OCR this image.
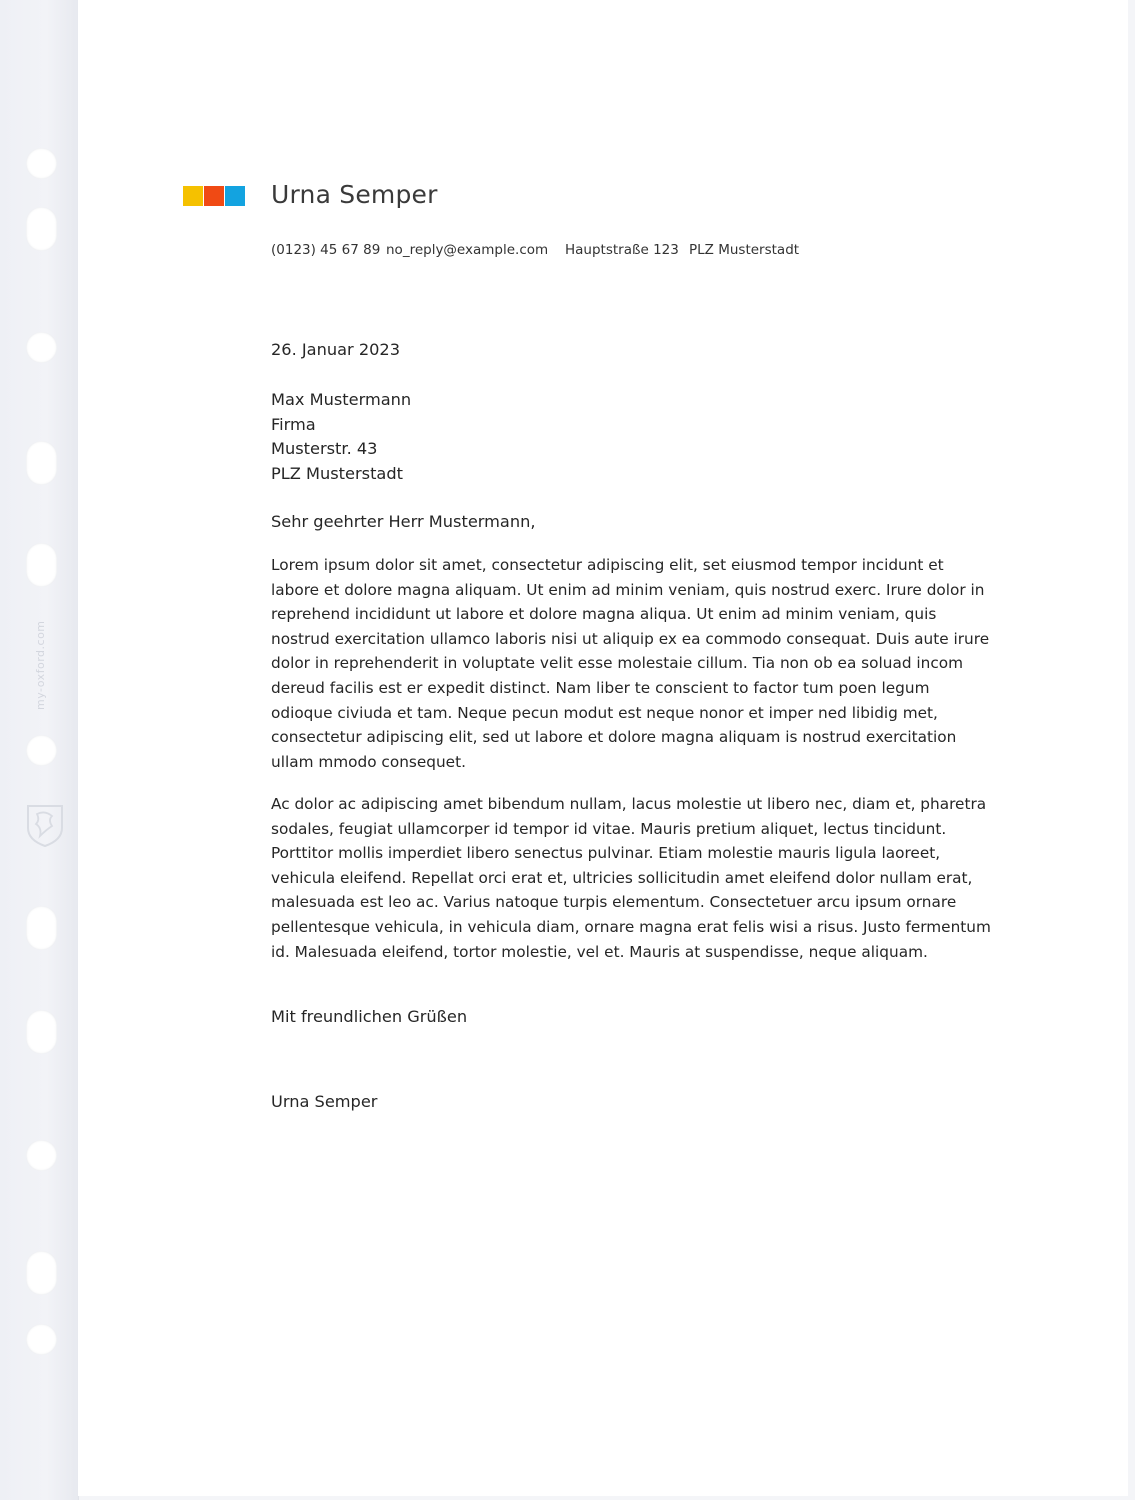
my-oxford.com
Urna Semper
(0123) 45 67 89 no_reply@example.com Hauptstraße 123 PLZ Musterstadt
26. Januar 2023
Max Mustermann
Firma
Musterstr. 43
PLZ Musterstadt
Sehr geehrter Herr Mustermann,

Lorem ipsum dolor sit amet, consectetur adipiscing elit, set eiusmod tempor incidunt et labore et dolore magna aliquam. Ut enim ad minim veniam, quis nostrud exerc. Irure dolor in reprehend incididunt ut labore et dolore magna aliqua. Ut enim ad minim veniam, quis nostrud exercitation ullamco laboris nisi ut aliquip ex ea commodo consequat. Duis aute irure dolor in reprehenderit in voluptate velit esse molestaie cillum. Tia non ob ea soluad incom dereud facilis est er expedit distinct. Nam liber te conscient to factor tum poen legum odioque civiuda et tam. Neque pecun modut est neque nonor et imper ned libidig met, consectetur adipiscing elit, sed ut labore et dolore magna aliquam is nostrud exercitation ullam mmodo consequet.

Ac dolor ac adipiscing amet bibendum nullam, lacus molestie ut libero nec, diam et, pharetra sodales, feugiat ullamcorper id tempor id vitae. Mauris pretium aliquet, lectus tincidunt. Porttitor mollis imperdiet libero senectus pulvinar. Etiam molestie mauris ligula laoreet, vehicula eleifend. Repellat orci erat et, ultricies sollicitudin amet eleifend dolor nullam erat, malesuada est leo ac. Varius natoque turpis elementum. Consectetuer arcu ipsum ornare pellentesque vehicula, in vehicula diam, ornare magna erat felis wisi a risus. Justo fermentum id. Malesuada eleifend, tortor molestie, vel et. Mauris at suspendisse, neque aliquam.

Mit freundlichen Grüßen
Urna Semper
